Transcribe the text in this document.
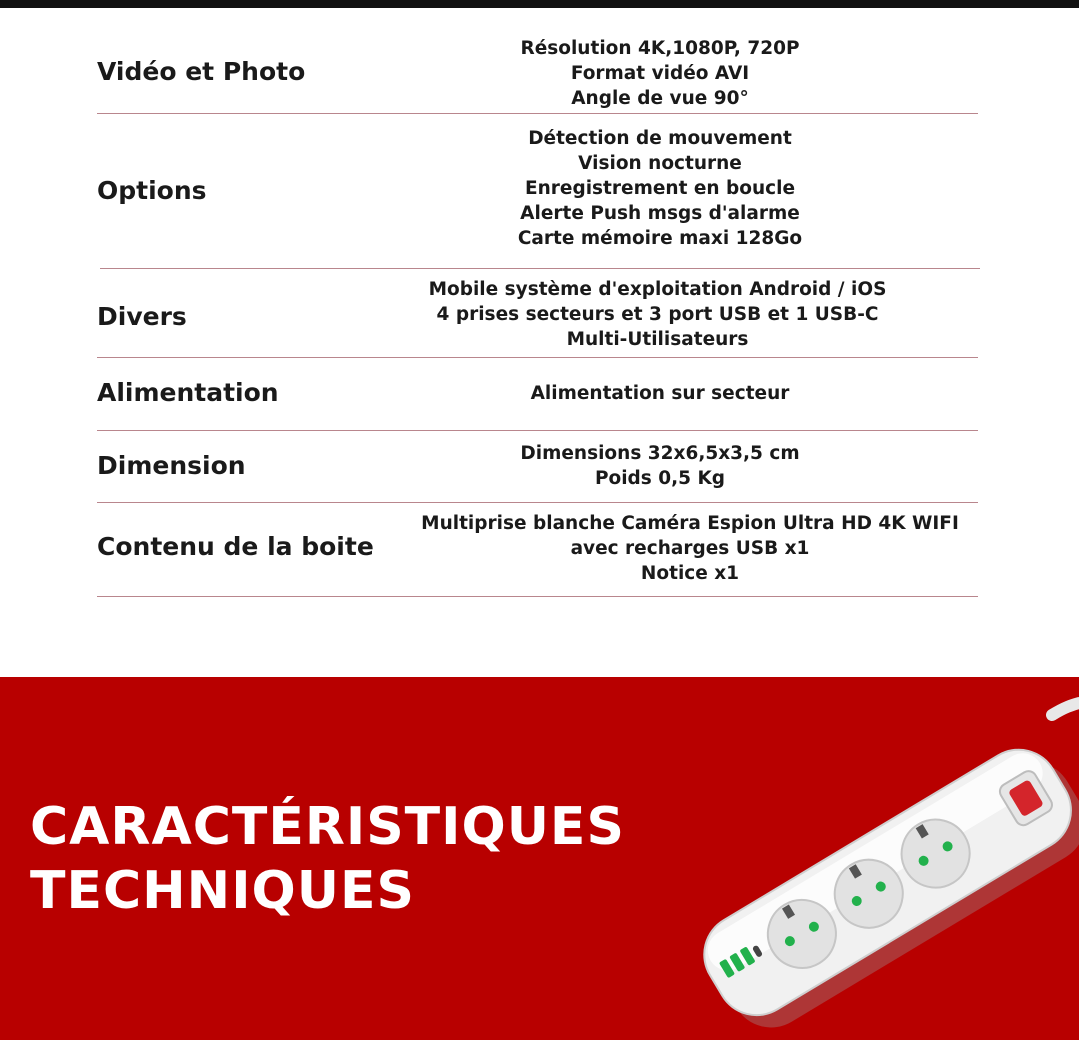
Vidéo et Photo
Résolution 4K,1080P, 720P
Format vidéo AVI
Angle de vue 90°
Options
Détection de mouvement
Vision nocturne
Enregistrement en boucle
Alerte Push msgs d'alarme
Carte mémoire maxi 128Go
Divers
Mobile système d'exploitation Android / iOS
4 prises secteurs et 3 port USB et 1 USB-C
Multi-Utilisateurs
Alimentation	Alimentation sur secteur
Dimension	Dimensions 32x6,5x3,5 cm
Poids 0,5 Kg
Contenu de la boite
Multiprise blanche Caméra Espion Ultra HD 4K WIFI
avec recharges USB x1
Notice x1
CARACTÉRISTIQUES
TECHNIQUES
